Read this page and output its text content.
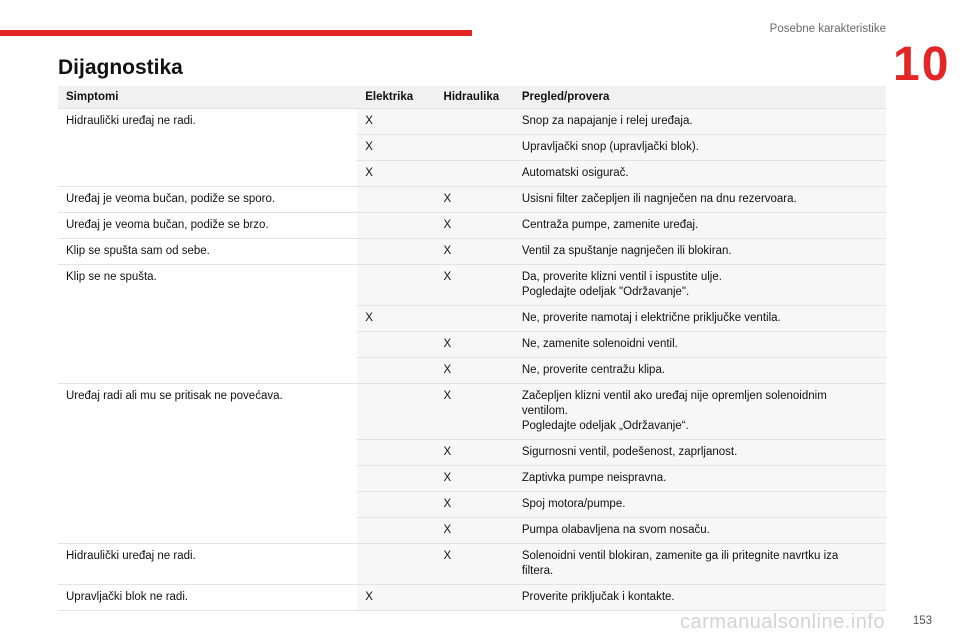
Posebne karakteristike
10
Dijagnostika
Simptomi	Elektrika	Hidraulika	Pregled/provera
Hidraulički uređaj ne radi.	X		Snop za napajanje i relej uređaja.

	X		Upravljački snop (upravljački blok).

	X		Automatski osigurač.

Uređaj je veoma bučan, podiže se sporo.		X	Usisni filter začepljen ili nagnječen na dnu rezervoara.

Uređaj je veoma bučan, podiže se brzo.		X	Centraža pumpe, zamenite uređaj.

Klip se spušta sam od sebe.		X	Ventil za spuštanje nagnječen ili blokiran.

Klip se ne spušta.		X	Da, proverite klizni ventil i ispustite ulje.
Pogledajte odeljak "Održavanje".

	X		Ne, proverite namotaj i električne priključke ventila.

		X	Ne, zamenite solenoidni ventil.

		X	Ne, proverite centražu klipa.

Uređaj radi ali mu se pritisak ne povećava.		X	Začepljen klizni ventil ako uređaj nije opremljen solenoidnim
ventilom.
Pogledajte odeljak „Održavanje“.

		X	Sigurnosni ventil, podešenost, zaprljanost.

		X	Zaptivka pumpe neispravna.

		X	Spoj motora/pumpe.

		X	Pumpa olabavljena na svom nosaču.

Hidraulički uređaj ne radi.		X	Solenoidni ventil blokiran, zamenite ga ili pritegnite navrtku iza
filtera.

Upravljački blok ne radi.	X		Proverite priključak i kontakte.
carmanualsonline.info 153
